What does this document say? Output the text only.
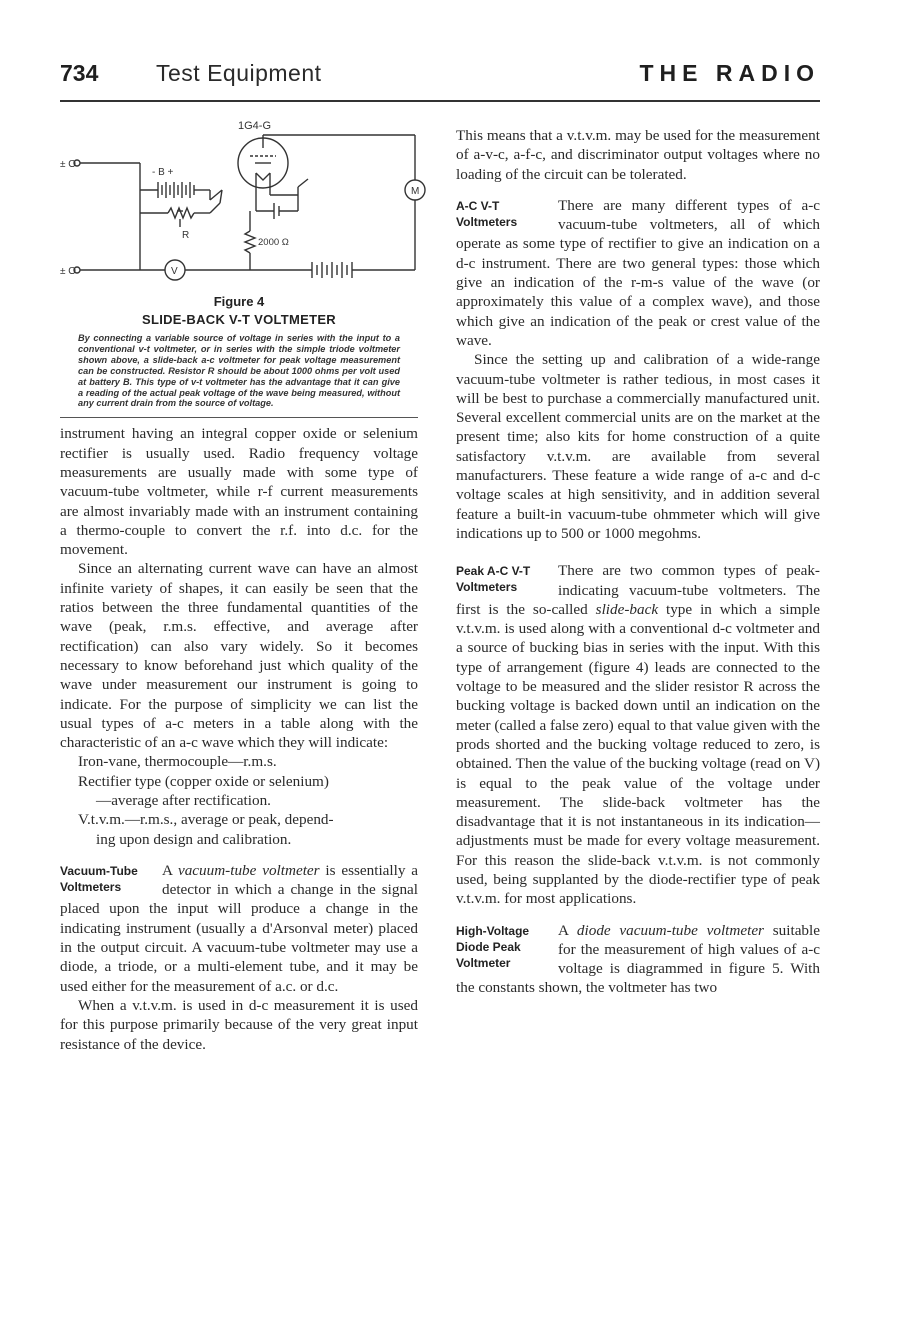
734	Test Equipment	THE RADIO
1G4-G
- B +
R
2000 Ω
M
V
± O
± O
Figure 4
SLIDE-BACK V-T VOLTMETER
By connecting a variable source of voltage in series with the input to a conventional v-t voltmeter, or in series with the simple triode voltmeter shown above, a slide-back a-c voltmeter for peak voltage measurement can be constructed. Resistor R should be about 1000 ohms per volt used at battery B. This type of v-t voltmeter has the advantage that it can give a reading of the actual peak voltage of the wave being measured, without any current drain from the source of voltage.

instrument having an integral copper oxide or selenium rectifier is usually used. Radio frequency voltage measurements are usually made with some type of vacuum-tube voltmeter, while r-f current measurements are almost invariably made with an instrument containing a thermo-couple to convert the r.f. into d.c. for the movement.

Since an alternating current wave can have an almost infinite variety of shapes, it can easily be seen that the ratios between the three fundamental quantities of the wave (peak, r.m.s. effective, and average after rectification) can also vary widely. So it becomes necessary to know beforehand just which quality of the wave under measurement our instrument is going to indicate. For the purpose of simplicity we can list the usual types of a-c meters in a table along with the characteristic of an a-c wave which they will indicate:

Iron-vane, thermocouple—r.m.s.

Rectifier type (copper oxide or selenium)
—average after rectification.

V.t.v.m.—r.m.s., average or peak, depend-
ing upon design and calibration.

Vacuum-Tube
Voltmeters

A vacuum-tube voltmeter is essentially a detector in which a change in the signal placed upon the input will produce a change in the indicating instrument (usually a d'Arsonval meter) placed in the output circuit. A vacuum-tube voltmeter may use a diode, a triode, or a multi-element tube, and it may be used either for the measurement of a.c. or d.c.

When a v.t.v.m. is used in d-c measurement it is used for this purpose primarily because of the very great input resistance of the device.

This means that a v.t.v.m. may be used for the measurement of a-v-c, a-f-c, and discriminator output voltages where no loading of the circuit can be tolerated.

A-C V-T
Voltmeters

There are many different types of a-c vacuum-tube voltmeters, all of which operate as some type of rectifier to give an indication on a d-c instrument. There are two general types: those which give an indication of the r-m-s value of the wave (or approximately this value of a complex wave), and those which give an indication of the peak or crest value of the wave.

Since the setting up and calibration of a wide-range vacuum-tube voltmeter is rather tedious, in most cases it will be best to purchase a commercially manufactured unit. Several excellent commercial units are on the market at the present time; also kits for home construction of a quite satisfactory v.t.v.m. are available from several manufacturers. These feature a wide range of a-c and d-c voltage scales at high sensitivity, and in addition several feature a built-in vacuum-tube ohmmeter which will give indications up to 500 or 1000 megohms.

Peak A-C V-T
Voltmeters

There are two common types of peak-indicating vacuum-tube voltmeters. The first is the so-called slide-back type in which a simple v.t.v.m. is used along with a conventional d-c voltmeter and a source of bucking bias in series with the input. With this type of arrangement (figure 4) leads are connected to the voltage to be measured and the slider resistor R across the bucking voltage is backed down until an indication on the meter (called a false zero) equal to that value given with the prods shorted and the bucking voltage reduced to zero, is obtained. Then the value of the bucking voltage (read on V) is equal to the peak value of the voltage under measurement. The slide-back voltmeter has the disadvantage that it is not instantaneous in its indication—adjustments must be made for every voltage measurement. For this reason the slide-back v.t.v.m. is not commonly used, being supplanted by the diode-rectifier type of peak v.t.v.m. for most applications.

High-Voltage
Diode Peak
Voltmeter

A diode vacuum-tube voltmeter suitable for the measurement of high values of a-c voltage is diagrammed in figure 5. With the constants shown, the voltmeter has two
